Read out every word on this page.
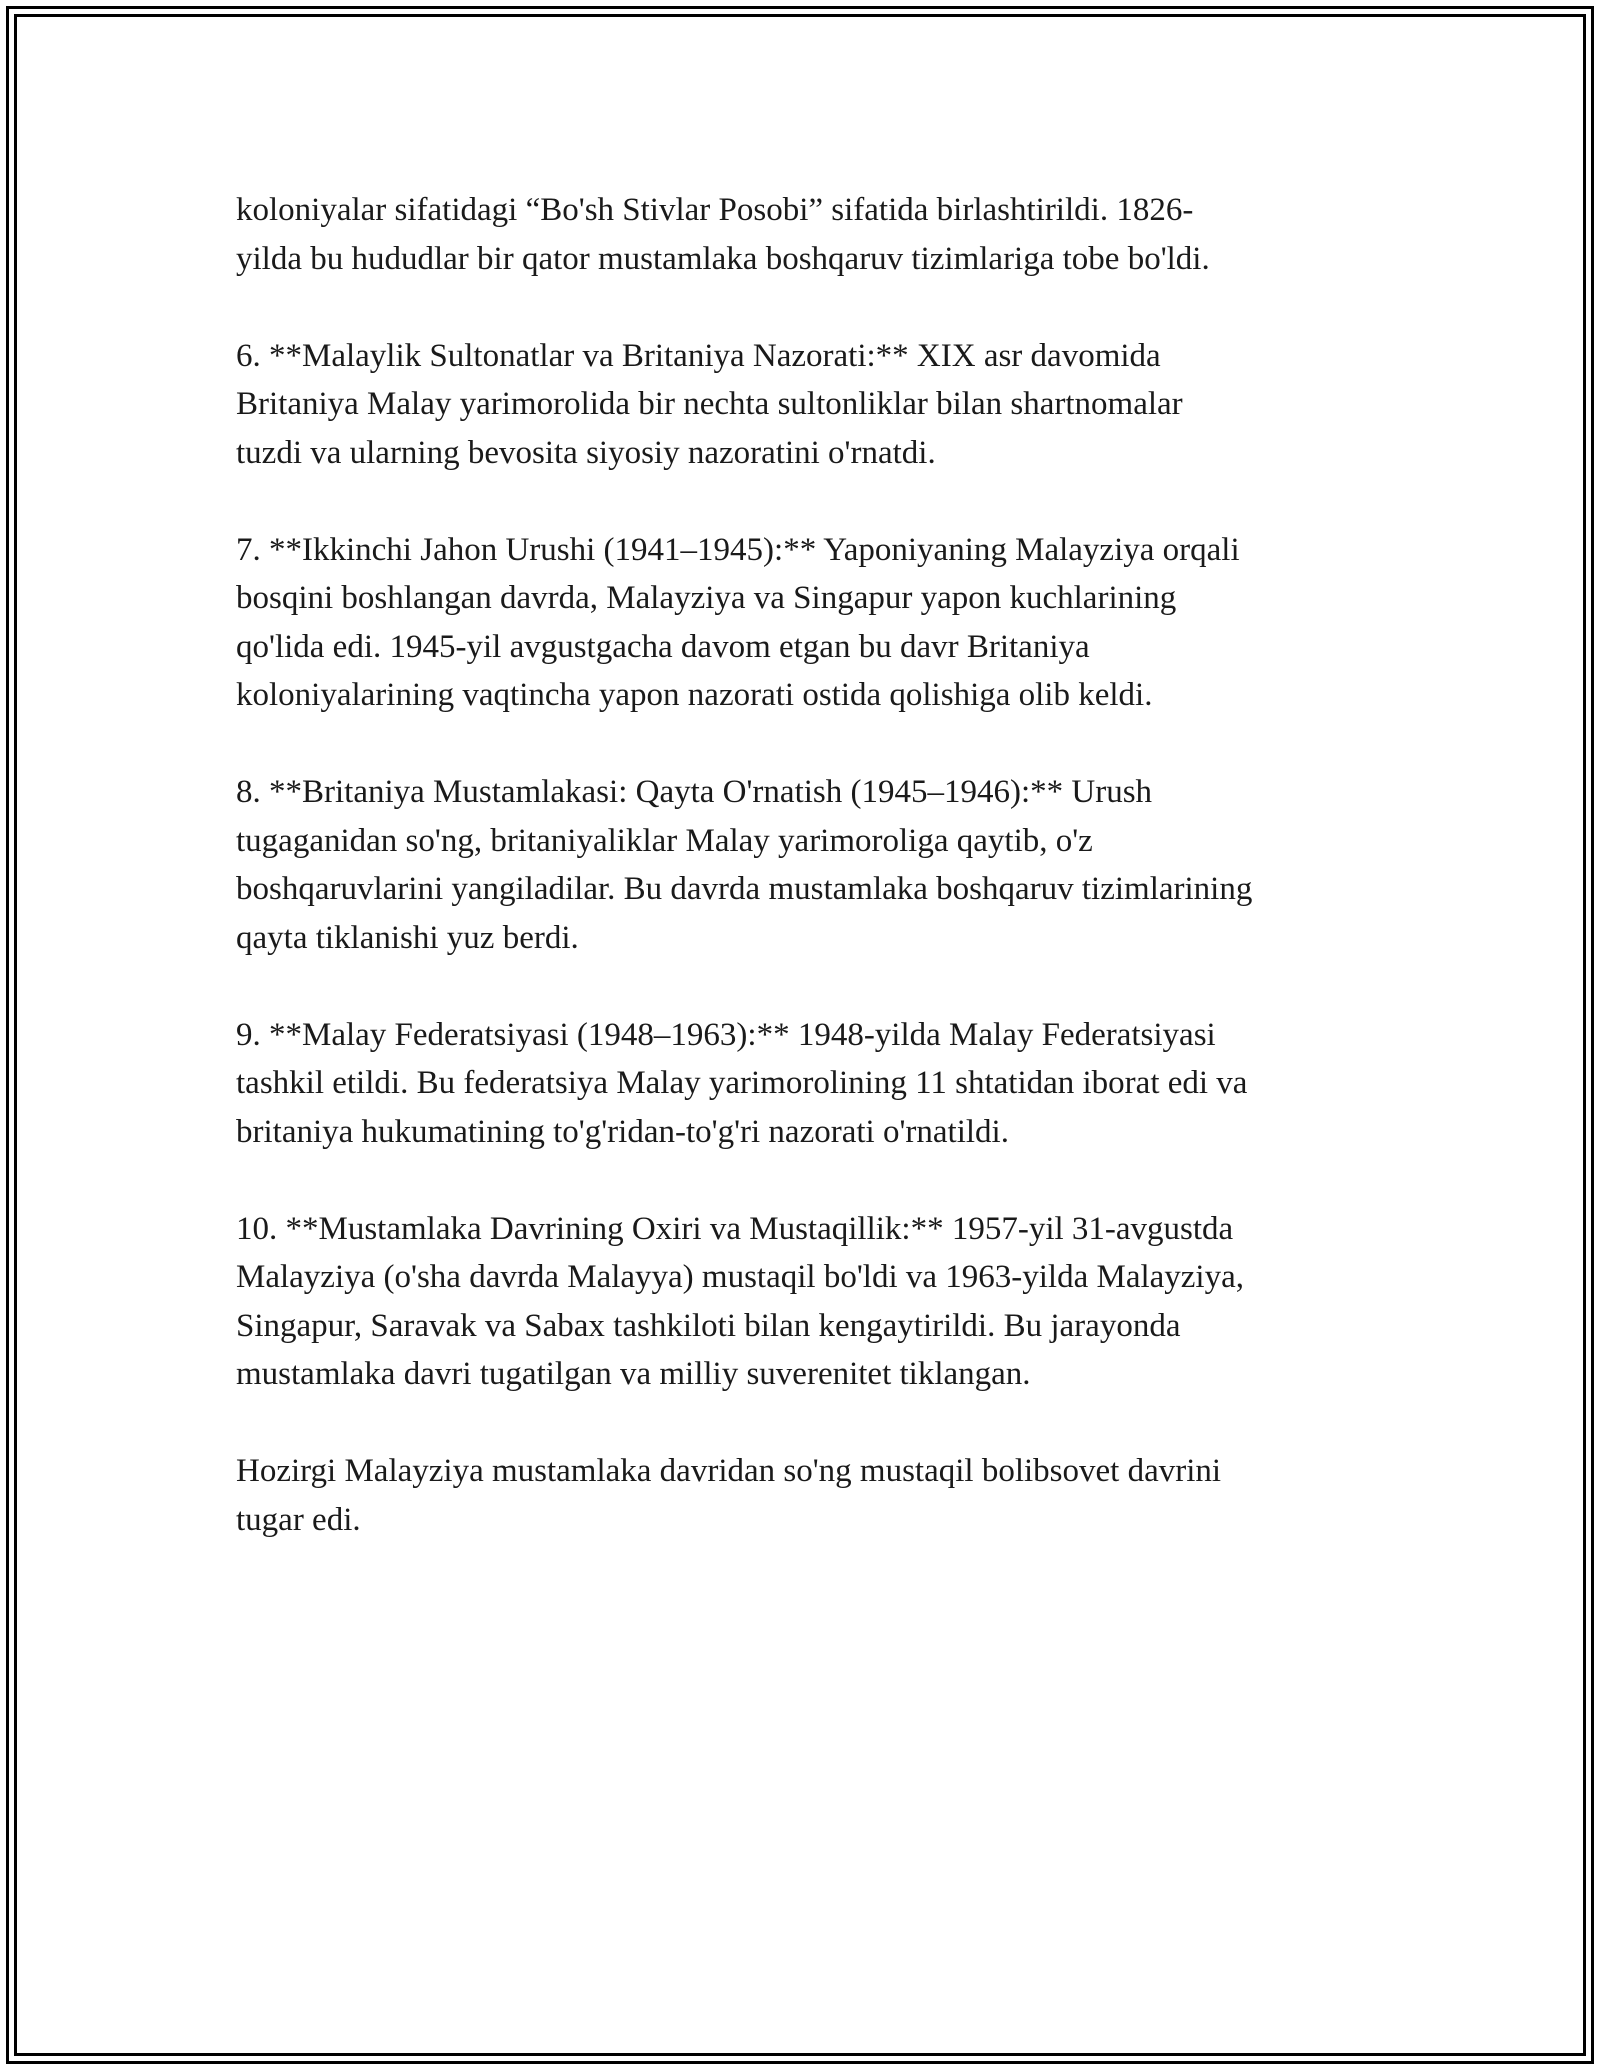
koloniyalar sifatidagi “Bo'sh Stivlar Posobi” sifatida birlashtirildi. 1826-
yilda bu hududlar bir qator mustamlaka boshqaruv tizimlariga tobe bo'ldi.

6. **Malaylik Sultonatlar va Britaniya Nazorati:** XIX asr davomida
Britaniya Malay yarimorolida bir nechta sultonliklar bilan shartnomalar
tuzdi va ularning bevosita siyosiy nazoratini o'rnatdi.

7. **Ikkinchi Jahon Urushi (1941–1945):** Yaponiyaning Malayziya orqali
bosqini boshlangan davrda, Malayziya va Singapur yapon kuchlarining
qo'lida edi. 1945-yil avgustgacha davom etgan bu davr Britaniya
koloniyalarining vaqtincha yapon nazorati ostida qolishiga olib keldi.

8. **Britaniya Mustamlakasi: Qayta O'rnatish (1945–1946):** Urush
tugaganidan so'ng, britaniyaliklar Malay yarimoroliga qaytib, o'z
boshqaruvlarini yangiladilar. Bu davrda mustamlaka boshqaruv tizimlarining
qayta tiklanishi yuz berdi.

9. **Malay Federatsiyasi (1948–1963):** 1948-yilda Malay Federatsiyasi
tashkil etildi. Bu federatsiya Malay yarimorolining 11 shtatidan iborat edi va
britaniya hukumatining to'g'ridan-to'g'ri nazorati o'rnatildi.

10. **Mustamlaka Davrining Oxiri va Mustaqillik:** 1957-yil 31-avgustda
Malayziya (o'sha davrda Malayya) mustaqil bo'ldi va 1963-yilda Malayziya,
Singapur, Saravak va Sabax tashkiloti bilan kengaytirildi. Bu jarayonda
mustamlaka davri tugatilgan va milliy suverenitet tiklangan.

Hozirgi Malayziya mustamlaka davridan so'ng mustaqil bolibsovet davrini
tugar edi.
